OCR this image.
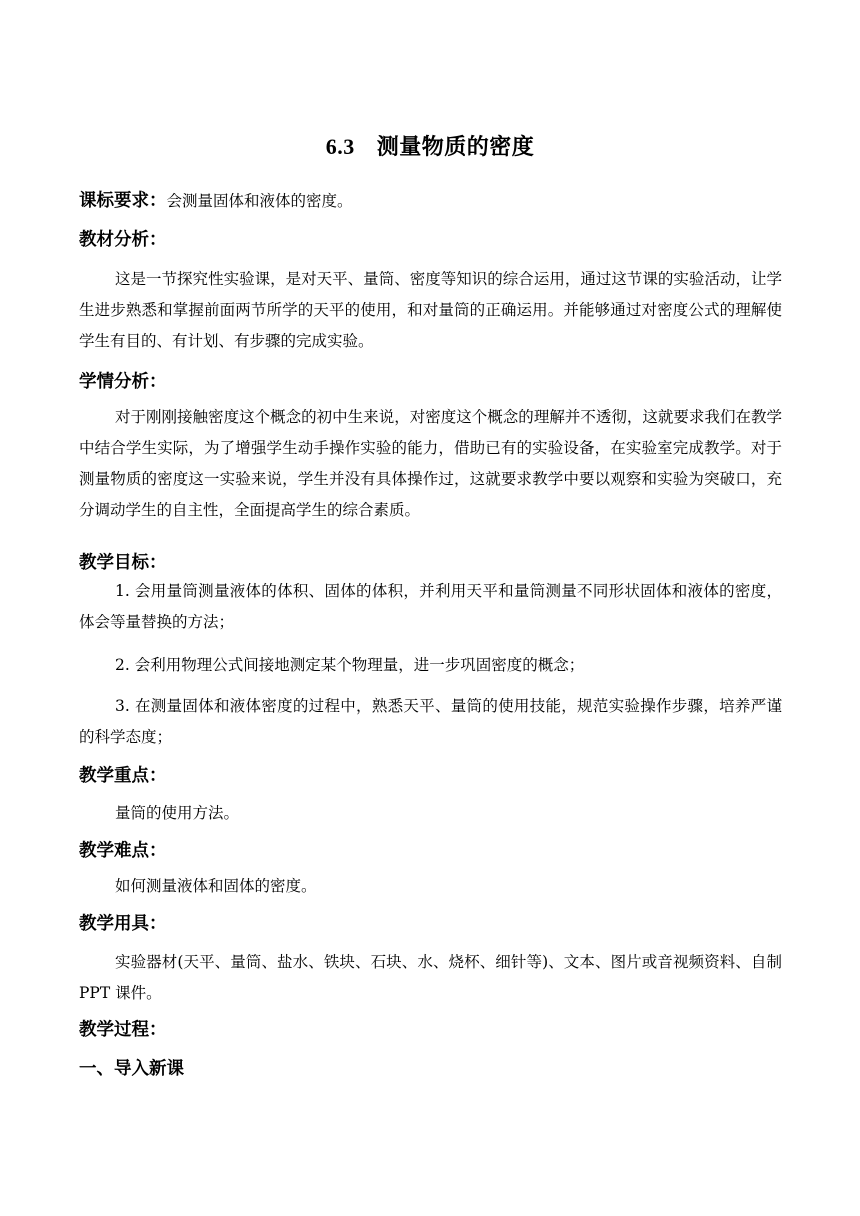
6.3 测量物质的密度
课标要求：会测量固体和液体的密度。
教材分析：

这是一节探究性实验课，是对天平、量筒、密度等知识的综合运用，通过这节课的实验活动，让学生进步熟悉和掌握前面两节所学的天平的使用，和对量筒的正确运用。并能够通过对密度公式的理解使学生有目的、有计划、有步骤的完成实验。

学情分析：

对于刚刚接触密度这个概念的初中生来说，对密度这个概念的理解并不透彻，这就要求我们在教学中结合学生实际，为了增强学生动手操作实验的能力，借助已有的实验设备，在实验室完成教学。对于测量物质的密度这一实验来说，学生并没有具体操作过，这就要求教学中要以观察和实验为突破口，充分调动学生的自主性，全面提高学生的综合素质。

教学目标：

1. 会用量筒测量液体的体积、固体的体积，并利用天平和量筒测量不同形状固体和液体的密度，体会等量替换的方法；

2. 会利用物理公式间接地测定某个物理量，进一步巩固密度的概念；

3. 在测量固体和液体密度的过程中，熟悉天平、量筒的使用技能，规范实验操作步骤，培养严谨的科学态度；

教学重点：
量筒的使用方法。
教学难点：
如何测量液体和固体的密度。
教学用具：

实验器材(天平、量筒、盐水、铁块、石块、水、烧杯、细针等)、文本、图片或音视频资料、自制 PPT 课件。

教学过程：
一、导入新课
